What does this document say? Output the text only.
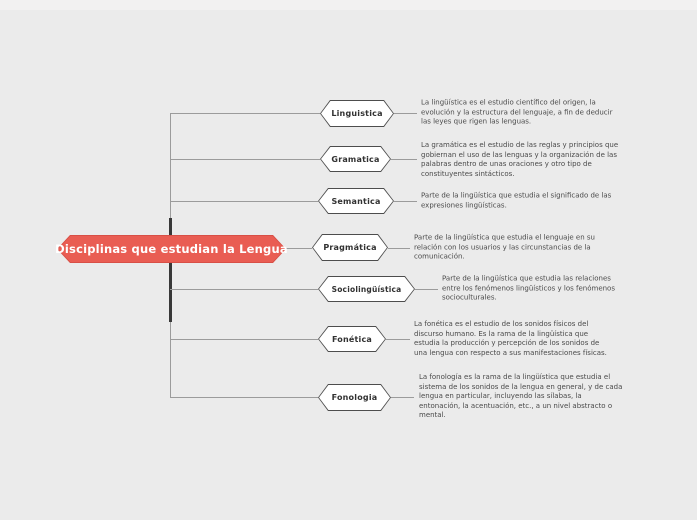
Disciplinas que estudian la Lengua
Linguistica
Gramatica
Semantica
Pragmática
Sociolingüística
Fonética
Fonologia
La lingüística es el estudio científico del origen, la evolución y la estructura del lenguaje, a fin de deducir las leyes que rigen las lenguas.
La gramática es el estudio de las reglas y principios que gobiernan el uso de las lenguas y la organización de las palabras dentro de unas oraciones y otro tipo de constituyentes sintácticos.
Parte de la lingüística que estudia el significado de las expresiones lingüísticas.
Parte de la lingüística que estudia el lenguaje en su relación con los usuarios y las circunstancias de la comunicación.
Parte de la lingüística que estudia las relaciones entre los fenómenos lingüísticos y los fenómenos socioculturales.
La fonética es el estudio de los sonidos físicos del discurso humano. Es la rama de la lingüística que estudia la producción y percepción de los sonidos de una lengua con respecto a sus manifestaciones físicas.
La fonología es la rama de la lingüística que estudia el sistema de los sonidos de la lengua en general, y de cada lengua en particular, incluyendo las sílabas, la entonación, la acentuación, etc., a un nivel abstracto o mental.
